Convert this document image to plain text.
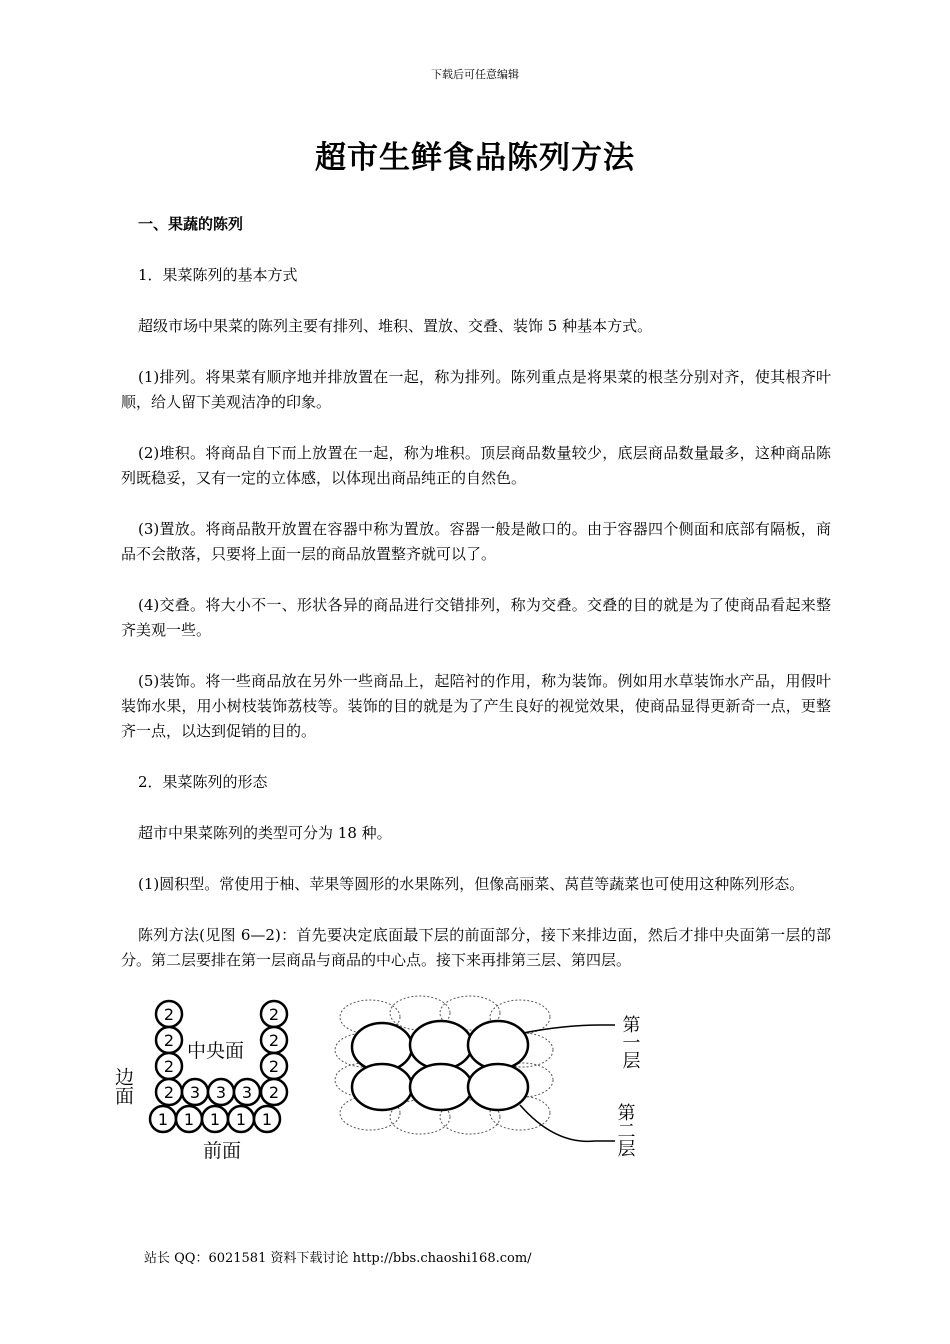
下载后可任意编辑
超市生鲜食品陈列方法

一、果蔬的陈列

1．果菜陈列的基本方式

超级市场中果菜的陈列主要有排列、堆积、置放、交叠、装饰 5 种基本方式。

(1)排列。将果菜有顺序地并排放置在一起，称为排列。陈列重点是将果菜的根茎分别对齐，使其根齐叶顺，给人留下美观洁净的印象。

(2)堆积。将商品自下而上放置在一起，称为堆积。顶层商品数量较少，底层商品数量最多，这种商品陈列既稳妥，又有一定的立体感，以体现出商品纯正的自然色。

(3)置放。将商品散开放置在容器中称为置放。容器一般是敞口的。由于容器四个侧面和底部有隔板，商品不会散落，只要将上面一层的商品放置整齐就可以了。

(4)交叠。将大小不一、形状各异的商品进行交错排列，称为交叠。交叠的目的就是为了使商品看起来整齐美观一些。

(5)装饰。将一些商品放在另外一些商品上，起陪衬的作用，称为装饰。例如用水草装饰水产品，用假叶装饰水果，用小树枝装饰荔枝等。装饰的目的就是为了产生良好的视觉效果，使商品显得更新奇一点，更整齐一点，以达到促销的目的。

2．果菜陈列的形态

超市中果菜陈列的类型可分为 18 种。

(1)圆积型。常使用于柚、苹果等圆形的水果陈列，但像高丽菜、莴苣等蔬菜也可使用这种陈列形态。

陈列方法(见图 6—2)：首先要决定底面最下层的前面部分，接下来排边面，然后才排中央面第一层的部分。第二层要排在第一层商品与商品的中心点。接下来再排第三层、第四层。

2
2
2
2
2
2
2
2
3 3 3
1 1 1 1 1
边面
中央面
前面
第一层
第二层
站长 QQ：6021581 资料下载讨论 http://bbs.chaoshi168.com/
